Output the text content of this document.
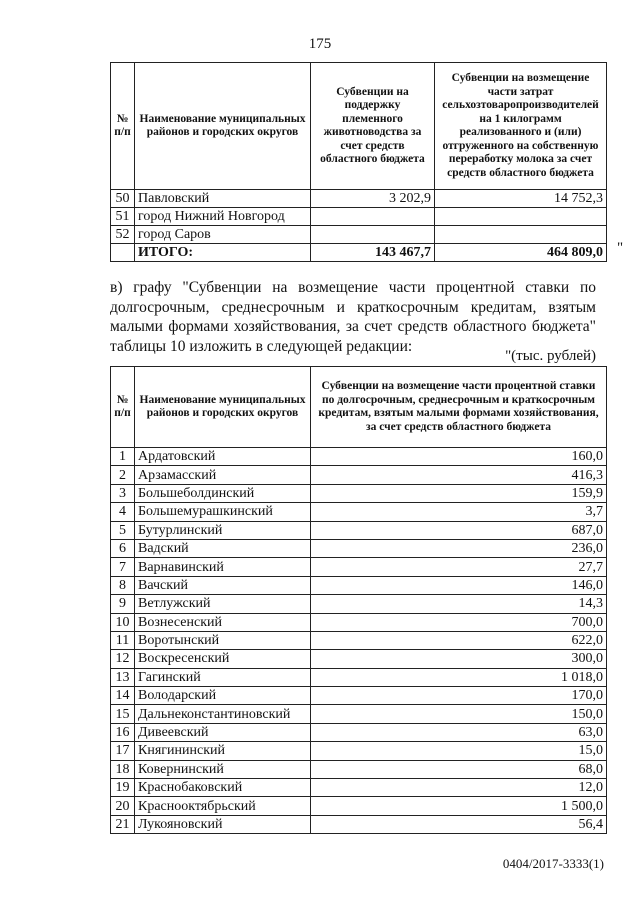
175
№ п/п	Наименование муниципальных районов и городских округов	Субвенции на поддержку племенного животноводства за счет средств областного бюджета	Субвенции на возмещение части затрат сельхозтоваропроизводителей на 1 килограмм реализованного и (или) отгруженного на собственную переработку молока за счет средств областного бюджета
50	Павловский	3 202,9	14 752,3
51	город Нижний Новгород		
52	город Саров		
	ИТОГО:	143 467,7	464 809,0 "

в) графу "Субвенции на возмещение части процентной ставки по долгосрочным, среднесрочным и краткосрочным кредитам, взятым малыми формами хозяйствования, за счет средств областного бюджета" таблицы 10 изложить в следующей редакции:

"(тыс. рублей)
№ п/п	Наименование муниципальных районов и городских округов	Субвенции на возмещение части процентной ставки по долгосрочным, среднесрочным и краткосрочным кредитам, взятым малыми формами хозяйствования, за счет средств областного бюджета
1	Ардатовский	160,0
2	Арзамасский	416,3
3	Большеболдинский	159,9
4	Большемурашкинский	3,7
5	Бутурлинский	687,0
6	Вадский	236,0
7	Варнавинский	27,7
8	Вачский	146,0
9	Ветлужский	14,3
10	Вознесенский	700,0
11	Воротынский	622,0
12	Воскресенский	300,0
13	Гагинский	1 018,0
14	Володарский	170,0
15	Дальнеконстантиновский	150,0
16	Дивеевский	63,0
17	Княгининский	15,0
18	Ковернинский	68,0
19	Краснобаковский	12,0
20	Краснооктябрьский	1 500,0
21	Лукояновский	56,4
0404/2017-3333(1)
